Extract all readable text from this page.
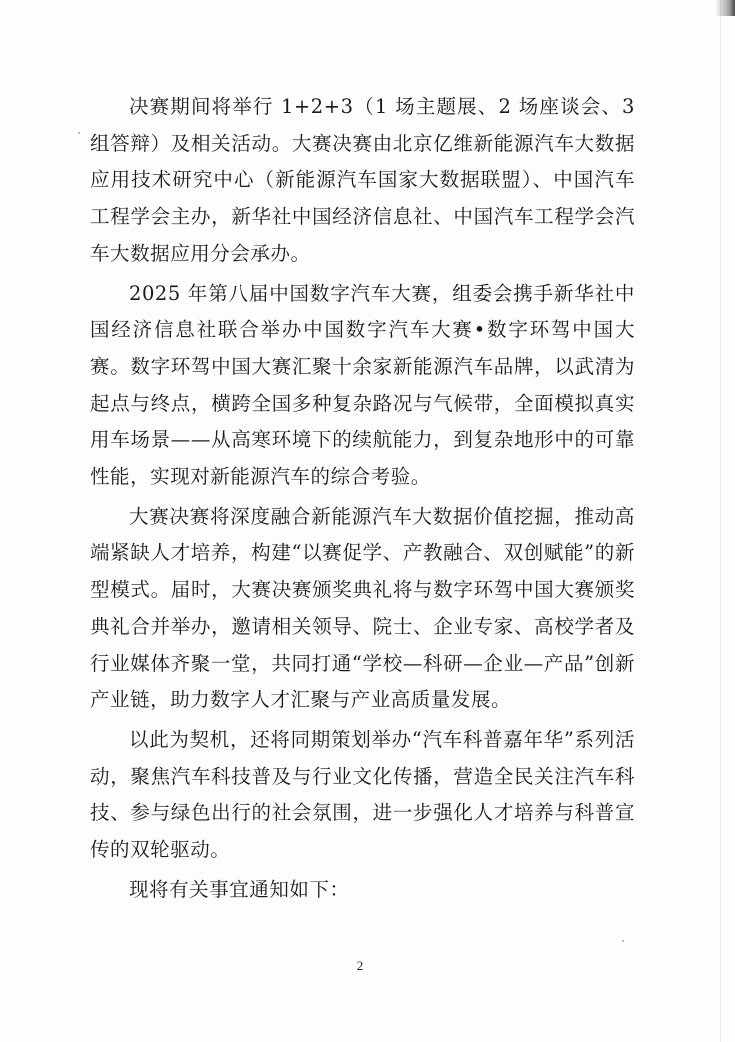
决赛期间将举行 1+2+3（1 场主题展、2 场座谈会、3 组答辩）及相关活动。大赛决赛由北京亿维新能源汽车大数据应用技术研究中心（新能源汽车国家大数据联盟）、中国汽车工程学会主办，新华社中国经济信息社、中国汽车工程学会汽车大数据应用分会承办。

2025 年第八届中国数字汽车大赛，组委会携手新华社中国经济信息社联合举办中国数字汽车大赛•数字环驾中国大赛。数字环驾中国大赛汇聚十余家新能源汽车品牌，以武清为起点与终点，横跨全国多种复杂路况与气候带，全面模拟真实用车场景——从高寒环境下的续航能力，到复杂地形中的可靠性能，实现对新能源汽车的综合考验。

大赛决赛将深度融合新能源汽车大数据价值挖掘，推动高端紧缺人才培养，构建“以赛促学、产教融合、双创赋能”的新型模式。届时，大赛决赛颁奖典礼将与数字环驾中国大赛颁奖典礼合并举办，邀请相关领导、院士、企业专家、高校学者及行业媒体齐聚一堂，共同打通“学校—科研—企业—产品”创新产业链，助力数字人才汇聚与产业高质量发展。

以此为契机，还将同期策划举办“汽车科普嘉年华”系列活动，聚焦汽车科技普及与行业文化传播，营造全民关注汽车科技、参与绿色出行的社会氛围，进一步强化人才培养与科普宣传的双轮驱动。

现将有关事宜通知如下：

2
